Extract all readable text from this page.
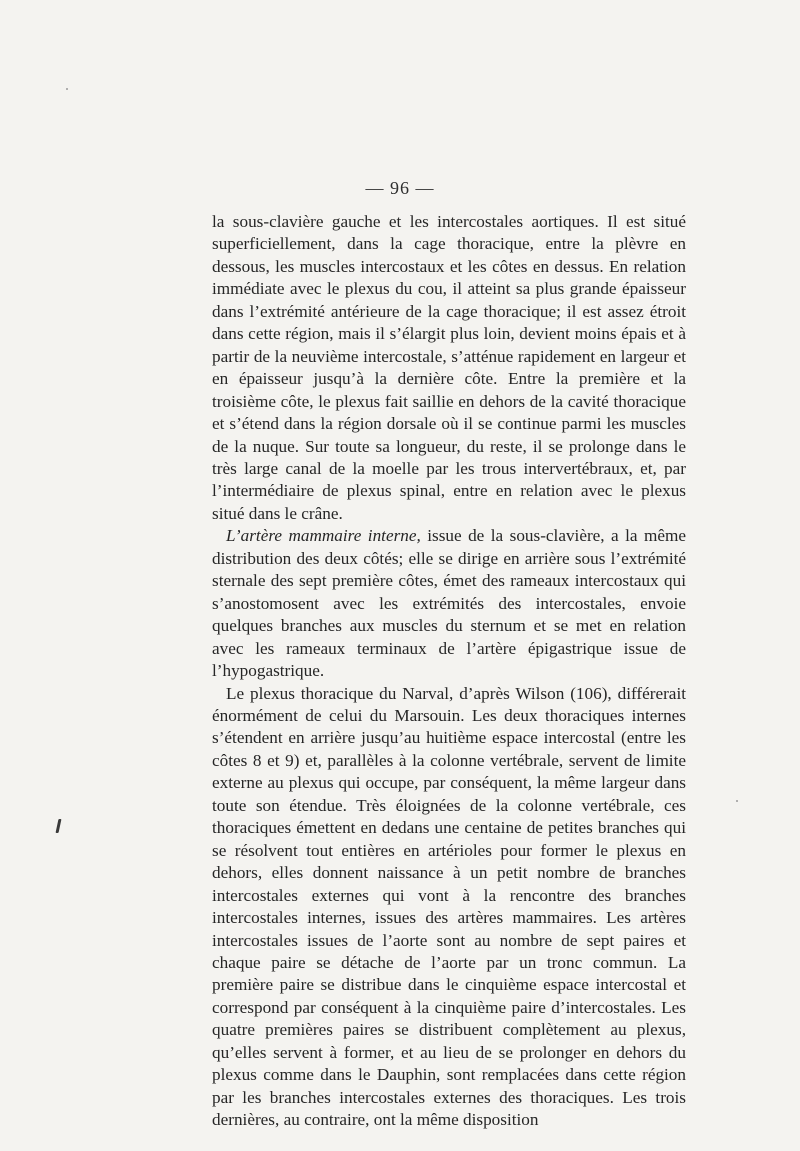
— 96 —

la sous-clavière gauche et les intercostales aortiques. Il est situé superficiellement, dans la cage thoracique, entre la plèvre en dessous, les muscles intercostaux et les côtes en dessus. En relation immédiate avec le plexus du cou, il atteint sa plus grande épaisseur dans l’extrémité antérieure de la cage thoracique; il est assez étroit dans cette région, mais il s’élargit plus loin, devient moins épais et à partir de la neuvième intercostale, s’atténue rapidement en largeur et en épaisseur jusqu’à la dernière côte. Entre la première et la troisième côte, le plexus fait saillie en dehors de la cavité thoracique et s’étend dans la région dorsale où il se continue parmi les muscles de la nuque. Sur toute sa longueur, du reste, il se prolonge dans le très large canal de la moelle par les trous intervertébraux, et, par l’intermédiaire de plexus spinal, entre en relation avec le plexus situé dans le crâne.

L’artère mammaire interne, issue de la sous-clavière, a la même distribution des deux côtés; elle se dirige en arrière sous l’extrémité sternale des sept première côtes, émet des rameaux intercostaux qui s’anostomosent avec les extrémités des intercostales, envoie quelques branches aux muscles du sternum et se met en relation avec les rameaux terminaux de l’artère épigastrique issue de l’hypogastrique.

Le plexus thoracique du Narval, d’après Wilson (106), différerait énormément de celui du Marsouin. Les deux thoraciques internes s’étendent en arrière jusqu’au huitième espace intercostal (entre les côtes 8 et 9) et, parallèles à la colonne vertébrale, servent de limite externe au plexus qui occupe, par conséquent, la même largeur dans toute son étendue. Très éloignées de la colonne vertébrale, ces thoraciques émettent en dedans une centaine de petites branches qui se résolvent tout entières en artérioles pour former le plexus en dehors, elles donnent naissance à un petit nombre de branches intercostales externes qui vont à la rencontre des branches intercostales internes, issues des artères mammaires. Les artères intercostales issues de l’aorte sont au nombre de sept paires et chaque paire se détache de l’aorte par un tronc commun. La première paire se distribue dans le cinquième espace intercostal et correspond par conséquent à la cinquième paire d’intercostales. Les quatre premières paires se distribuent complètement au plexus, qu’elles servent à former, et au lieu de se prolonger en dehors du plexus comme dans le Dauphin, sont remplacées dans cette région par les branches intercostales externes des thoraciques. Les trois dernières, au contraire, ont la même disposition
